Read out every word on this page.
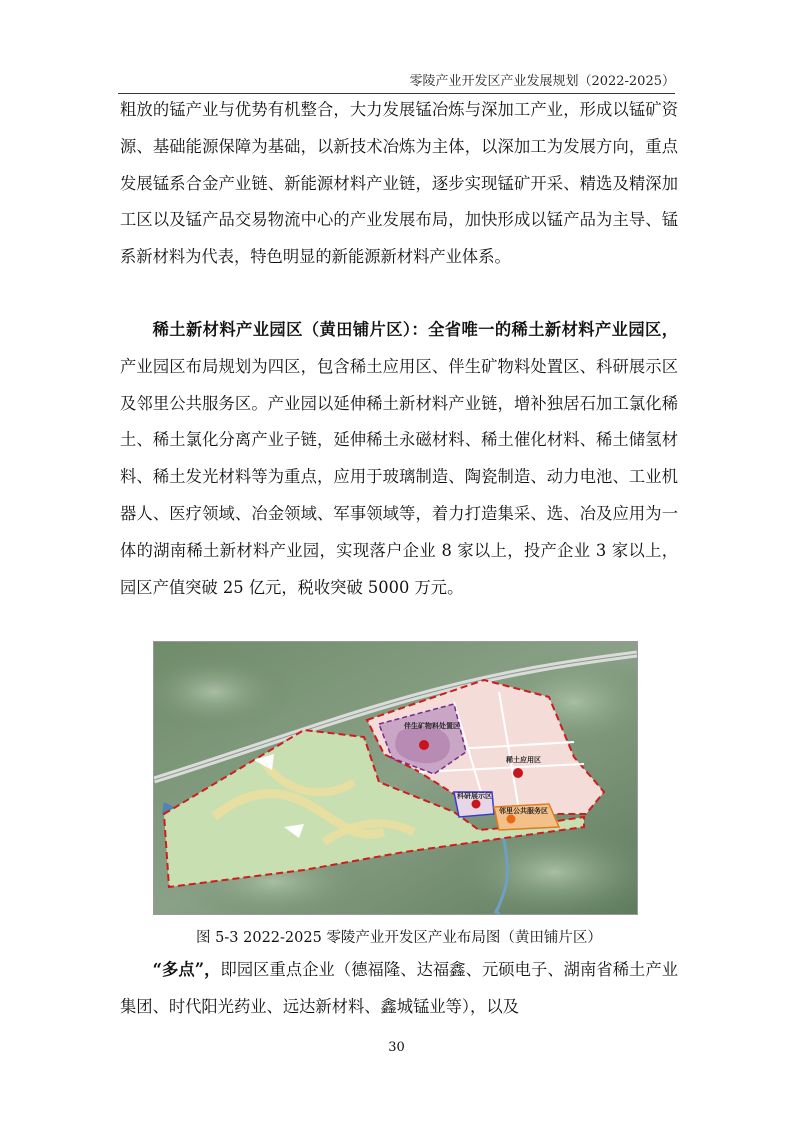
零陵产业开发区产业发展规划（2022-2025）

粗放的锰产业与优势有机整合，大力发展锰冶炼与深加工产业，形成以锰矿资源、基础能源保障为基础，以新技术冶炼为主体，以深加工为发展方向，重点发展锰系合金产业链、新能源材料产业链，逐步实现锰矿开采、精选及精深加工区以及锰产品交易物流中心的产业发展布局，加快形成以锰产品为主导、锰系新材料为代表，特色明显的新能源新材料产业体系。

稀土新材料产业园区（黄田铺片区）：全省唯一的稀土新材料产业园区，产业园区布局规划为四区，包含稀土应用区、伴生矿物料处置区、科研展示区及邻里公共服务区。产业园以延伸稀土新材料产业链，增补独居石加工氯化稀土、稀土氯化分离产业子链，延伸稀土永磁材料、稀土催化材料、稀土储氢材料、稀土发光材料等为重点，应用于玻璃制造、陶瓷制造、动力电池、工业机器人、医疗领域、冶金领域、军事领域等，着力打造集采、选、冶及应用为一体的湖南稀土新材料产业园，实现落户企业 8 家以上，投产企业 3 家以上，园区产值突破 25 亿元，税收突破 5000 万元。

伴生矿物料处置区
稀土应用区
科研展示区
邻里公共服务区
图 5-3 2022-2025 零陵产业开发区产业布局图（黄田铺片区）

“多点”，即园区重点企业（德福隆、达福鑫、元硕电子、湖南省稀土产业集团、时代阳光药业、远达新材料、鑫城锰业等），以及

30
